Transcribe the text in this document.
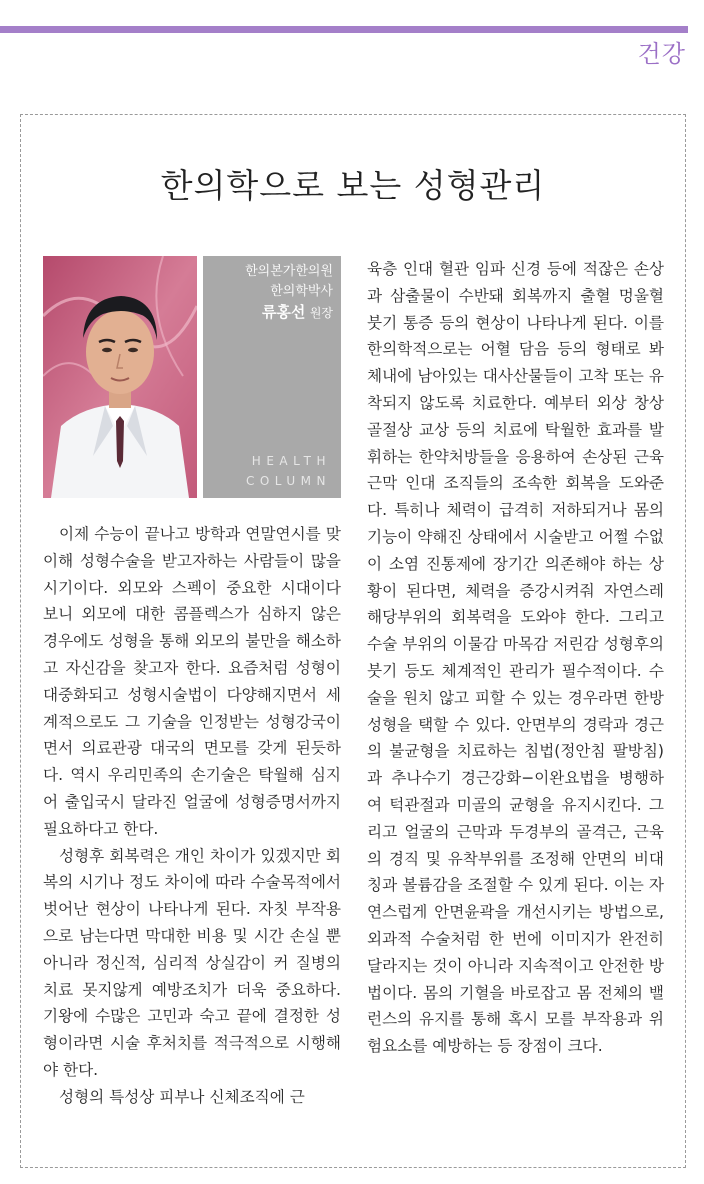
건강
한의학으로 보는 성형관리
한의본가한의원
한의학박사
류홍선 원장
HEALTH
COLUMN

이제 수능이 끝나고 방학과 연말연시를 맞이해 성형수술을 받고자하는 사람들이 많을 시기이다. 외모와 스펙이 중요한 시대이다 보니 외모에 대한 콤플렉스가 심하지 않은 경우에도 성형을 통해 외모의 불만을 해소하고 자신감을 찾고자 한다. 요즘처럼 성형이 대중화되고 성형시술법이 다양해지면서 세계적으로도 그 기술을 인정받는 성형강국이면서 의료관광 대국의 면모를 갖게 된듯하다. 역시 우리민족의 손기술은 탁월해 심지어 출입국시 달라진 얼굴에 성형증명서까지 필요하다고 한다.

성형후 회복력은 개인 차이가 있겠지만 회복의 시기나 정도 차이에 따라 수술목적에서 벗어난 현상이 나타나게 된다. 자칫 부작용으로 남는다면 막대한 비용 및 시간 손실 뿐 아니라 정신적, 심리적 상실감이 커 질병의 치료 못지않게 예방조치가 더욱 중요하다. 기왕에 수많은 고민과 숙고 끝에 결정한 성형이라면 시술 후처치를 적극적으로 시행해야 한다.

성형의 특성상 피부나 신체조직에 근

육층 인대 혈관 임파 신경 등에 적잖은 손상과 삼출물이 수반돼 회복까지 출혈 멍울혈 붓기 통증 등의 현상이 나타나게 된다. 이를 한의학적으로는 어혈 담음 등의 형태로 봐 체내에 남아있는 대사산물들이 고착 또는 유착되지 않도록 치료한다. 예부터 외상 창상 골절상 교상 등의 치료에 탁월한 효과를 발휘하는 한약처방들을 응용하여 손상된 근육 근막 인대 조직들의 조속한 회복을 도와준다. 특히나 체력이 급격히 저하되거나 몸의 기능이 약해진 상태에서 시술받고 어쩔 수없이 소염 진통제에 장기간 의존해야 하는 상황이 된다면, 체력을 증강시켜줘 자연스레 해당부위의 회복력을 도와야 한다. 그리고 수술 부위의 이물감 마목감 저린감 성형후의 붓기 등도 체계적인 관리가 필수적이다. 수술을 원치 않고 피할 수 있는 경우라면 한방성형을 택할 수 있다. 안면부의 경락과 경근의 불균형을 치료하는 침법(정안침 팔방침)과 추나수기 경근강화−이완요법을 병행하여 턱관절과 미골의 균형을 유지시킨다. 그리고 얼굴의 근막과 두경부의 골격근, 근육의 경직 및 유착부위를 조정해 안면의 비대칭과 볼륨감을 조절할 수 있게 된다. 이는 자연스럽게 안면윤곽을 개선시키는 방법으로, 외과적 수술처럼 한 번에 이미지가 완전히 달라지는 것이 아니라 지속적이고 안전한 방법이다. 몸의 기혈을 바로잡고 몸 전체의 밸런스의 유지를 통해 혹시 모를 부작용과 위험요소를 예방하는 등 장점이 크다.
